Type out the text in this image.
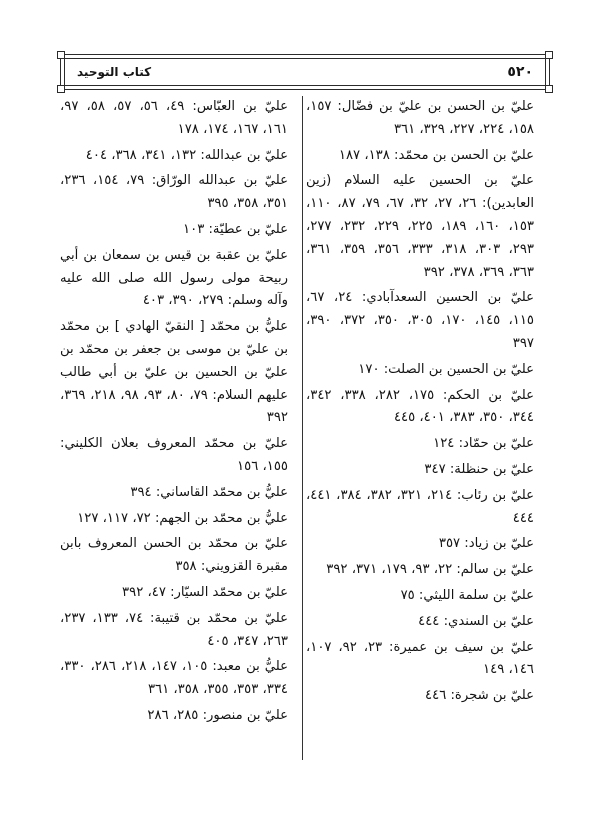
٥٢٠
كتاب التوحيد

عليّ بن الحسن بن عليّ بن فضّال: ١٥٧، ١٥٨، ٢٢٤، ٢٢٧، ٣٢٩، ٣٦١

عليّ بن الحسن بن محمّد: ١٣٨، ١٨٧

عليّ بن الحسين عليه السلام (زين العابدين): ٢٦، ٢٧، ٣٢، ٦٧، ٧٩، ٨٧، ١١٠، ١٥٣، ١٦٠، ١٨٩، ٢٢٥، ٢٢٩، ٢٣٢، ٢٧٧، ٢٩٣، ٣٠٣، ٣١٨، ٣٣٣، ٣٥٦، ٣٥٩، ٣٦١، ٣٦٣، ٣٦٩، ٣٧٨، ٣٩٢

عليّ بن الحسين السعدآبادي: ٢٤، ٦٧، ١١٥، ١٤٥، ١٧٠، ٣٠٥، ٣٥٠، ٣٧٢، ٣٩٠، ٣٩٧

عليّ بن الحسين بن الصلت: ١٧٠

عليّ بن الحكم: ١٧٥، ٢٨٢، ٣٣٨، ٣٤٢، ٣٤٤، ٣٥٠، ٣٨٣، ٤٠١، ٤٤٥

عليّ بن حمّاد: ١٢٤

عليّ بن حنظلة: ٣٤٧

عليّ بن رئاب: ٢١٤، ٣٢١، ٣٨٢، ٣٨٤، ٤٤١، ٤٤٤

عليّ بن زياد: ٣٥٧

عليّ بن سالم: ٢٢، ٩٣، ١٧٩، ٣٧١، ٣٩٢

عليّ بن سلمة الليثي: ٧٥

عليّ بن السندي: ٤٤٤

عليّ بن سيف بن عميرة: ٢٣، ٩٢، ١٠٧، ١٤٦، ١٤٩

عليّ بن شجرة: ٤٤٦

عليّ بن العبّاس: ٤٩، ٥٦، ٥٧، ٥٨، ٩٧، ١٦١، ١٦٧، ١٧٤، ١٧٨

عليّ بن عبدالله: ١٣٢، ٣٤١، ٣٦٨، ٤٠٤

عليّ بن عبدالله الورّاق: ٧٩، ١٥٤، ٢٣٦، ٣٥١، ٣٥٨، ٣٩٥

عليّ بن عطيّة: ١٠٣

عليّ بن عقبة بن قيس بن سمعان بن أبي ربيحة مولى رسول الله صلى الله عليه وآله وسلم: ٢٧٩، ٣٩٠، ٤٠٣

عليُّ بن محمّد [ النقيّ الهادي ] بن محمّد بن عليّ بن موسى بن جعفر بن محمّد بن عليّ بن الحسين بن عليّ بن أبي طالب عليهم السلام: ٧٩، ٨٠، ٩٣، ٩٨، ٢١٨، ٣٦٩، ٣٩٢

عليّ بن محمّد المعروف بعلان الكليني: ١٥٥، ١٥٦

عليُّ بن محمّد القاساني: ٣٩٤

عليُّ بن محمّد بن الجهم: ٧٢، ١١٧، ١٢٧

عليّ بن محمّد بن الحسن المعروف بابن مقبرة القزويني: ٣٥٨

عليّ بن محمّد السيّار: ٤٧، ٣٩٢

عليّ بن محمّد بن قتيبة: ٧٤، ١٣٣، ٢٣٧، ٢٦٣، ٣٤٧، ٤٠٥

عليُّ بن معبد: ١٠٥، ١٤٧، ٢١٨، ٢٨٦، ٣٣٠، ٣٣٤، ٣٥٣، ٣٥٥، ٣٥٨، ٣٦١

عليّ بن منصور: ٢٨٥، ٢٨٦
